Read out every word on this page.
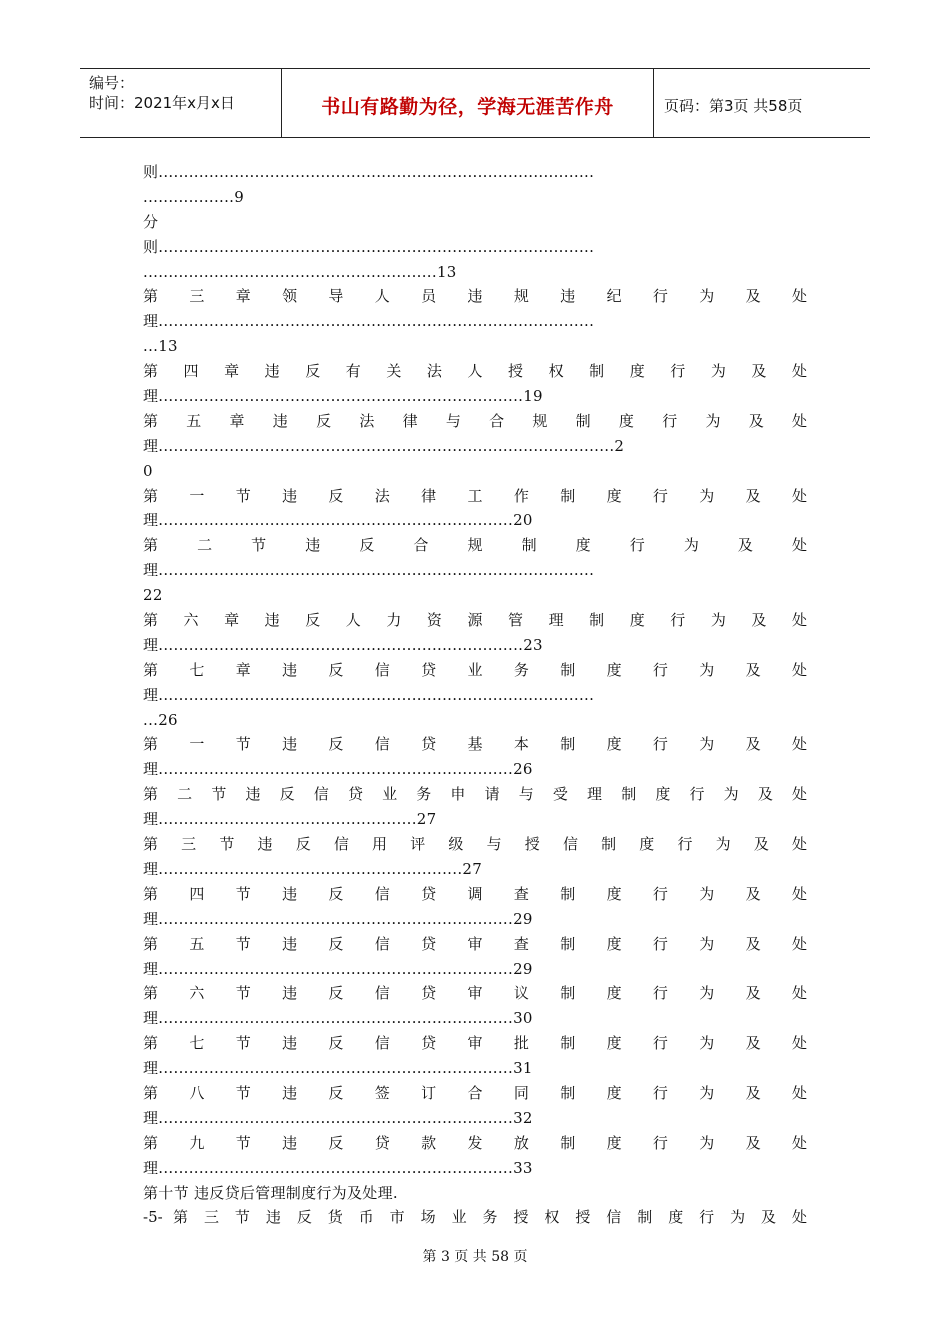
编号：
时间：2021年x月x日	书山有路勤为径，学海无涯苦作舟	页码：第3页 共58页
则......................................................................................
..................9
分
则......................................................................................
..........................................................13
第 三 章 领 导 人 员 违 规 违 纪 行 为 及 处
理......................................................................................
...13
第 四 章 违 反 有 关 法 人 授 权 制 度 行 为 及 处
理........................................................................19
第 五 章 违 反 法 律 与 合 规 制 度 行 为 及 处
理..........................................................................................2
0
第 一 节 违 反 法 律 工 作 制 度 行 为 及 处
理......................................................................20
第 二 节 违 反 合 规 制 度 行 为 及 处
理......................................................................................
22
第 六 章 违 反 人 力 资 源 管 理 制 度 行 为 及 处
理........................................................................23
第 七 章 违 反 信 贷 业 务 制 度 行 为 及 处
理......................................................................................
...26
第 一 节 违 反 信 贷 基 本 制 度 行 为 及 处
理......................................................................26
第 二 节 违 反 信 贷 业 务 申 请 与 受 理 制 度 行 为 及 处
理...................................................27
第 三 节 违 反 信 用 评 级 与 授 信 制 度 行 为 及 处
理............................................................27
第 四 节 违 反 信 贷 调 查 制 度 行 为 及 处
理......................................................................29
第 五 节 违 反 信 贷 审 查 制 度 行 为 及 处
理......................................................................29
第 六 节 违 反 信 贷 审 议 制 度 行 为 及 处
理......................................................................30
第 七 节 违 反 信 贷 审 批 制 度 行 为 及 处
理......................................................................31
第 八 节 违 反 签 订 合 同 制 度 行 为 及 处
理......................................................................32
第 九 节 违 反 贷 款 发 放 制 度 行 为 及 处
理......................................................................33
第十节 违反贷后管理制度行为及处理.
-5- 第 三 节 违 反 货 币 市 场 业 务 授 权 授 信 制 度 行 为 及 处
第 3 页 共 58 页
